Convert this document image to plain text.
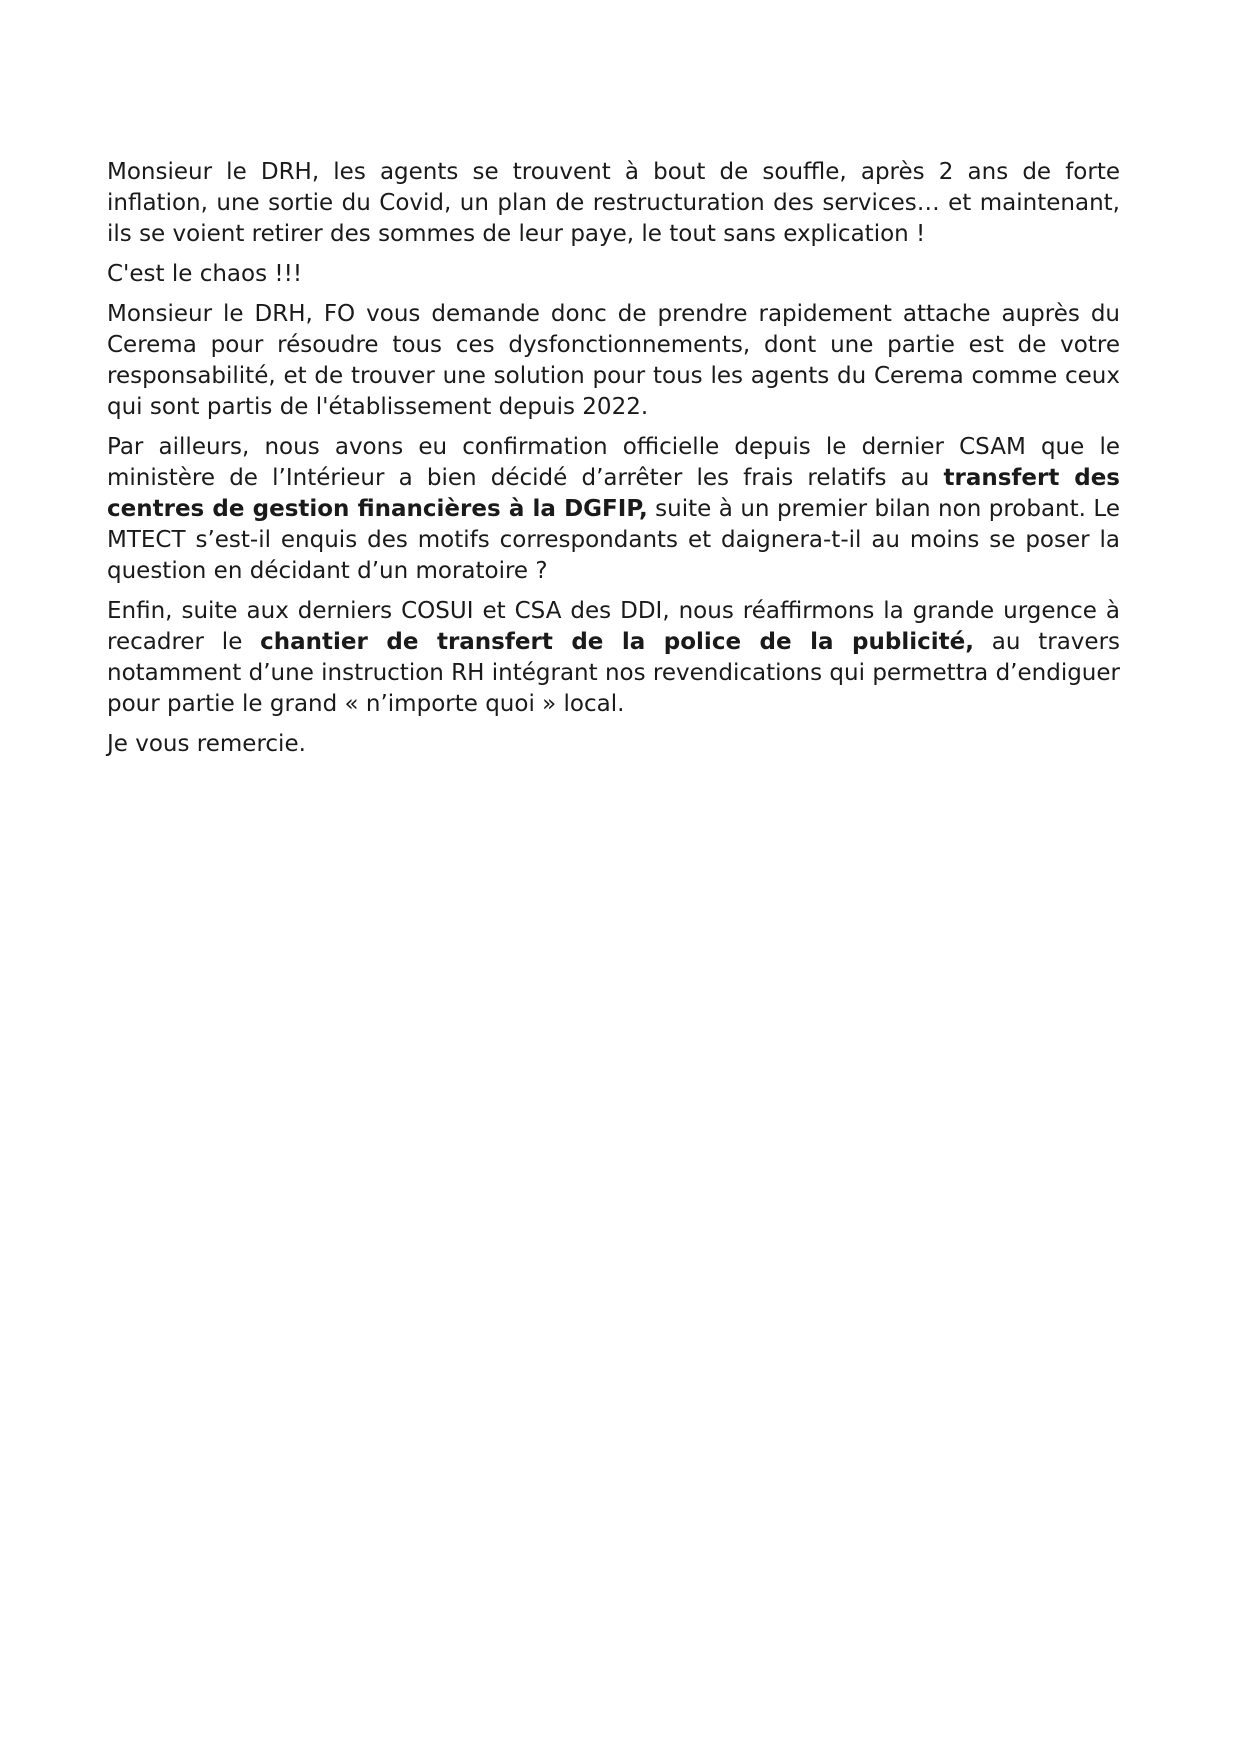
Monsieur le DRH, les agents se trouvent à bout de souffle, après 2 ans de forte inflation, une sortie du Covid, un plan de restructuration des services… et maintenant, ils se voient retirer des sommes de leur paye, le tout sans explication !

C'est le chaos !!!

Monsieur le DRH, FO vous demande donc de prendre rapidement attache auprès du Cerema pour résoudre tous ces dysfonctionnements, dont une partie est de votre responsabilité, et de trouver une solution pour tous les agents du Cerema comme ceux qui sont partis de l'établissement depuis 2022.

Par ailleurs, nous avons eu confirmation officielle depuis le dernier CSAM que le ministère de l’Intérieur a bien décidé d’arrêter les frais relatifs au transfert des centres de gestion financières à la DGFIP, suite à un premier bilan non probant. Le MTECT s’est-il enquis des motifs correspondants et daignera-t-il au moins se poser la question en décidant d’un moratoire ?

Enfin, suite aux derniers COSUI et CSA des DDI, nous réaffirmons la grande urgence à recadrer le chantier de transfert de la police de la publicité, au travers notamment d’une instruction RH intégrant nos revendications qui permettra d’endiguer pour partie le grand « n’importe quoi » local.

Je vous remercie.
